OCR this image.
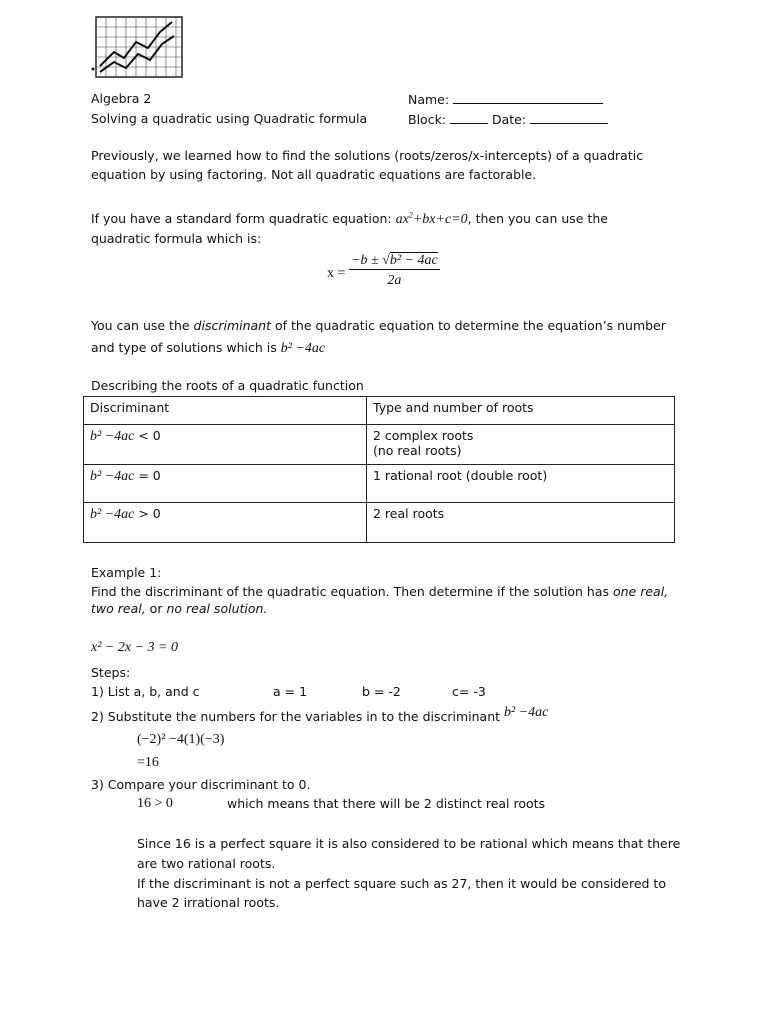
Algebra 2
Solving a quadratic using Quadratic formula
Name:
Block:	Date:
Previously, we learned how to find the solutions (roots/zeros/x-intercepts) of a quadratic
equation by using factoring. Not all quadratic equations are factorable.
If you have a standard form quadratic equation: $ax^2+bx+c=0$, then you can use the
quadratic formula which is:
x =
−b ± √b² − 4ac
2a
You can use the discriminant of the quadratic equation to determine the equation’s number
and type of solutions which is b² −4ac
Describing the roots of a quadratic function
Discriminant	Type and number of roots
b² −4ac < 0	2 complex roots
(no real roots)

b² −4ac = 0	1 rational root (double root)

b² −4ac > 0	2 real roots
Example 1:
Find the discriminant of the quadratic equation. Then determine if the solution has one real,
two real, or no real solution.
x² − 2x − 3 = 0
Steps:
1) List a, b, and c	a = 1	b = -2	c= -3
2) Substitute the numbers for the variables in to the discriminant b² −4ac
(−2)² −4(1)(−3)
=16
3) Compare your discriminant to 0.
16 > 0	which means that there will be 2 distinct real roots
Since 16 is a perfect square it is also considered to be rational which means that there
are two rational roots.
If the discriminant is not a perfect square such as 27, then it would be considered to
have 2 irrational roots.
